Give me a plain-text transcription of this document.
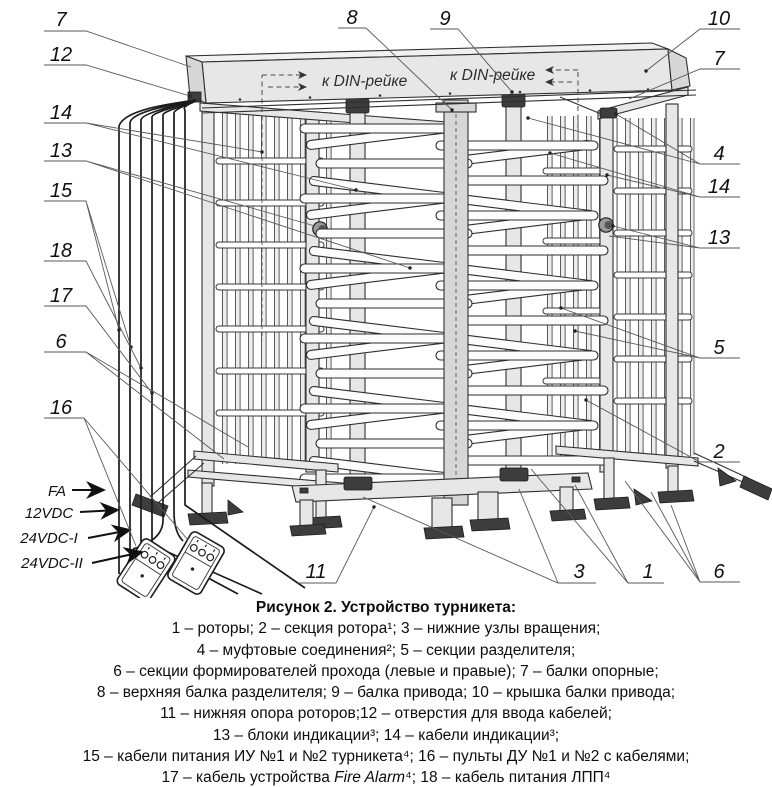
к DIN-рейке	к DIN-рейке
FA
12VDC
24VDC-I
24VDC-II
8	9
7
12
14
13
15
18
17
6
16
10
7
4
14
13
5
2
6
11	3	1
Рисунок 2. Устройство турникета:
1 – роторы; 2 – секция ротора¹; 3 – нижние узлы вращения;
4 – муфтовые соединения²; 5 – секции разделителя;
6 – секции формирователей прохода (левые и правые); 7 – балки опорные;
8 – верхняя балка разделителя; 9 – балка привода; 10 – крышка балки привода;
11 – нижняя опора роторов;12 – отверстия для ввода кабелей;
13 – блоки индикации³; 14 – кабели индикации³;
15 – кабели питания ИУ №1 и №2 турникета⁴; 16 – пульты ДУ №1 и №2 с кабелями;
17 – кабель устройства Fire Alarm⁴; 18 – кабель питания ЛПП⁴
